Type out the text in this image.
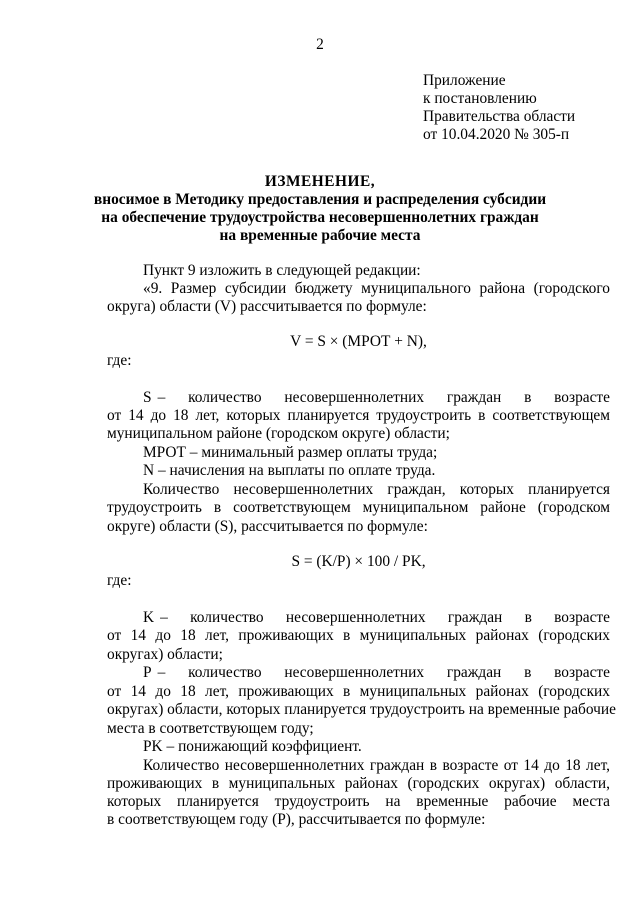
2
Приложение
к постановлению
Правительства области
от 10.04.2020 № 305-п
ИЗМЕНЕНИЕ,
вносимое в Методику предоставления и распределения субсидии
на обеспечение трудоустройства несовершеннолетних граждан
на временные рабочие места
Пункт 9 изложить в следующей редакции:
«9. Размер субсидии бюджету муниципального района (городского
округа) области (V) рассчитывается по формуле:
V = S × (МРОТ + N),
где:
S – количество несовершеннолетних граждан в возрасте
от 14 до 18 лет, которых планируется трудоустроить в соответствующем
муниципальном районе (городском округе) области;
МРОТ – минимальный размер оплаты труда;
N – начисления на выплаты по оплате труда.
Количество несовершеннолетних граждан, которых планируется
трудоустроить в соответствующем муниципальном районе (городском
округе) области (S), рассчитывается по формуле:
S = (K/P) × 100 / PK,
где:
K – количество несовершеннолетних граждан в возрасте
от 14 до 18 лет, проживающих в муниципальных районах (городских
округах) области;
P – количество несовершеннолетних граждан в возрасте
от 14 до 18 лет, проживающих в муниципальных районах (городских
округах) области, которых планируется трудоустроить на временные рабочие
места в соответствующем году;
PK – понижающий коэффициент.
Количество несовершеннолетних граждан в возрасте от 14 до 18 лет,
проживающих в муниципальных районах (городских округах) области,
которых планируется трудоустроить на временные рабочие места
в соответствующем году (P), рассчитывается по формуле:
